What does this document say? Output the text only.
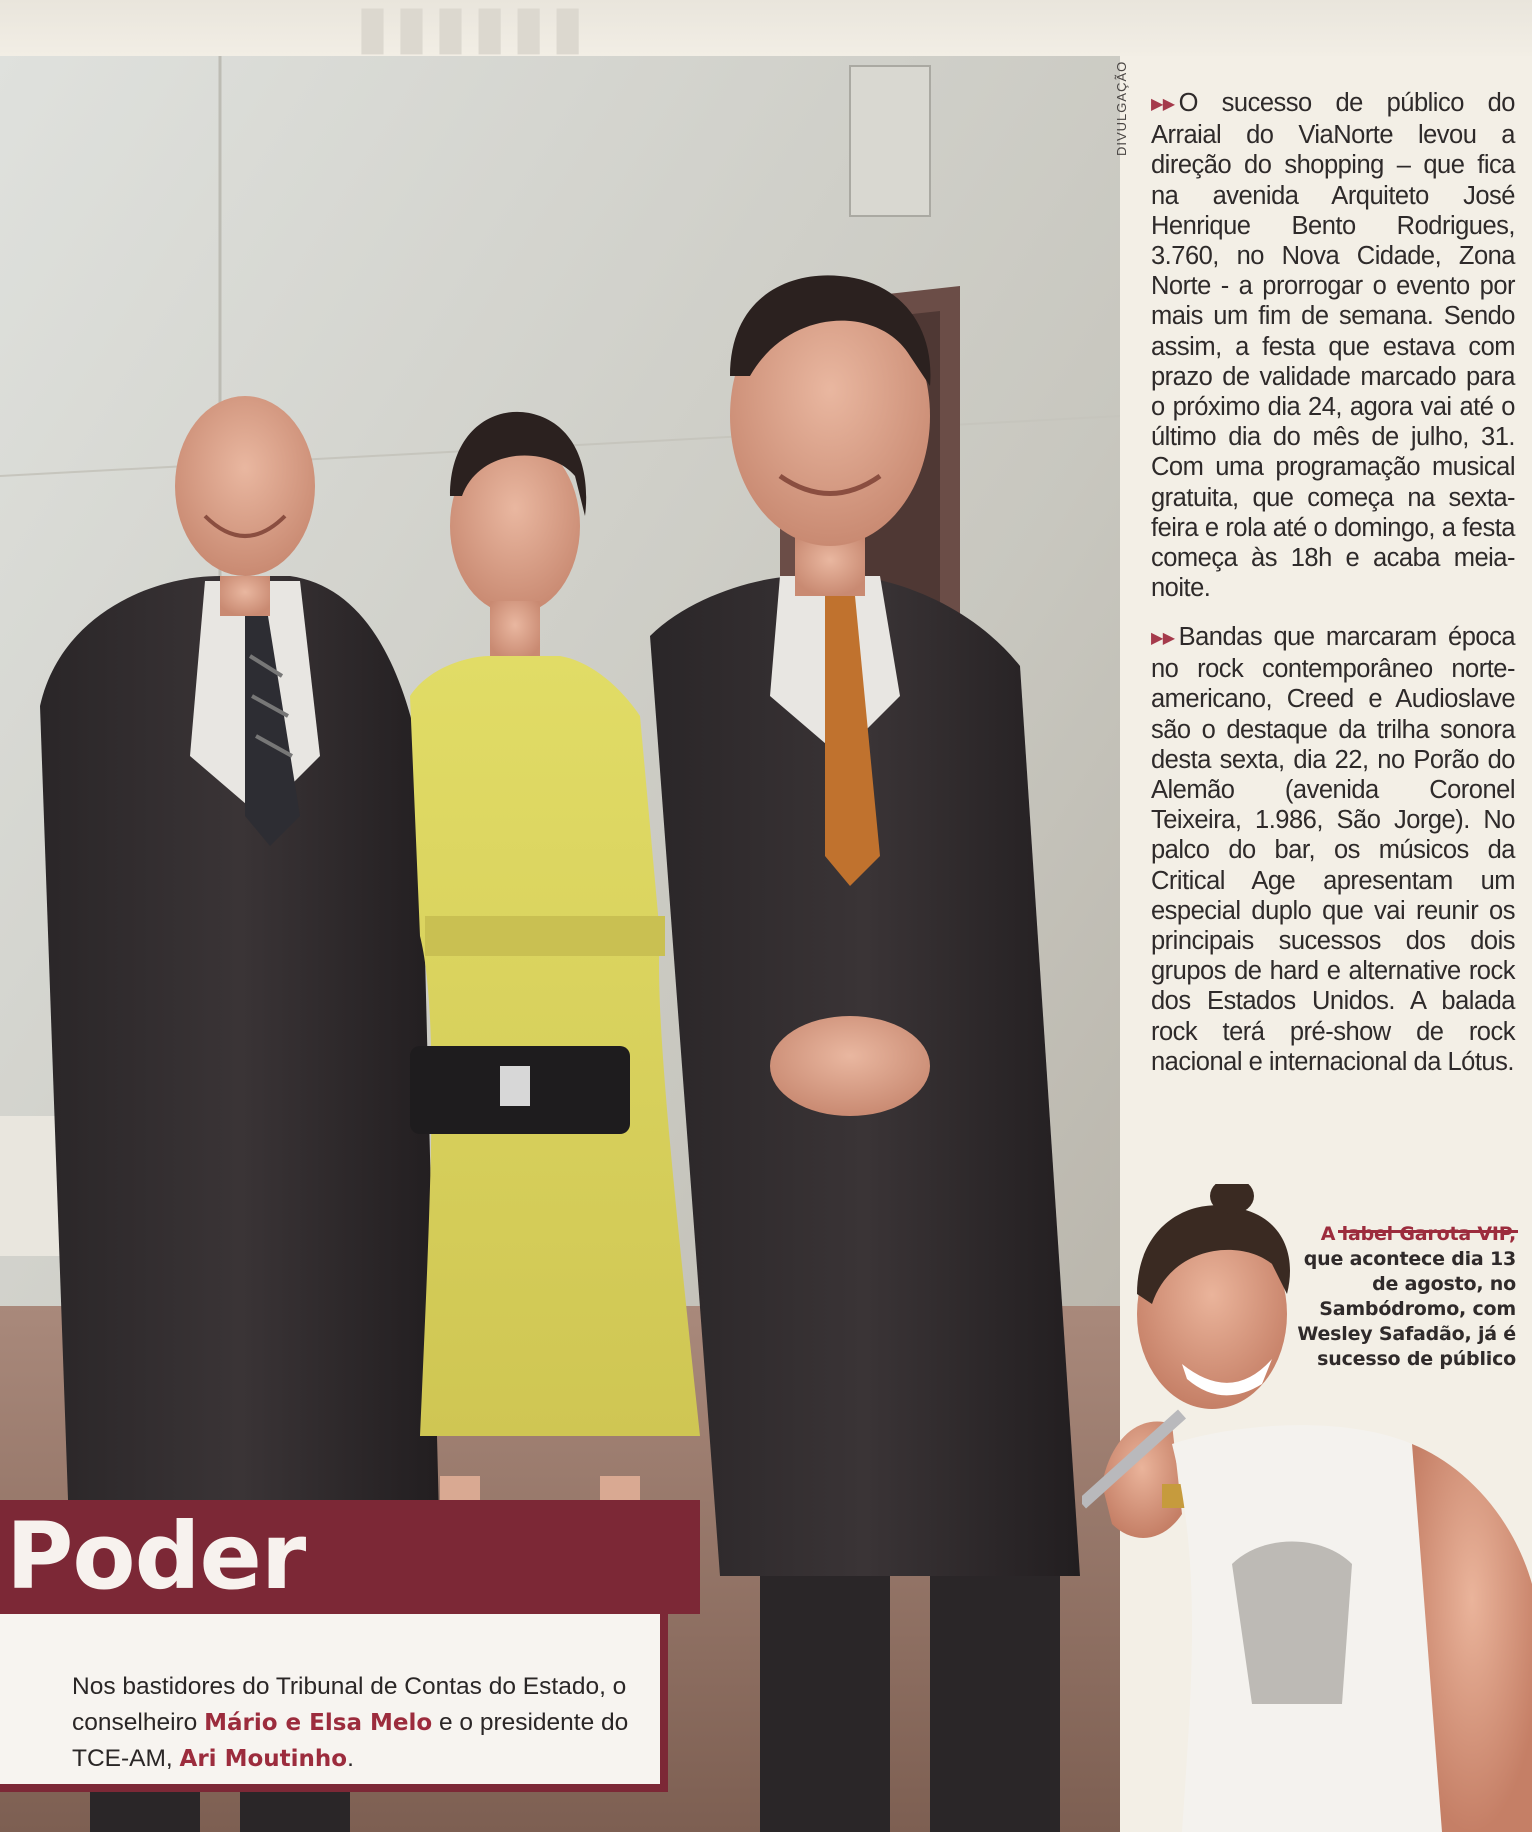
▮▮▮▮▮▮
DIVULGAÇÃO	▶▶ O sucesso de público do Arraial do ViaNorte levou a direção do shopping – que fica na avenida Arquiteto José Henrique Bento Rodrigues, 3.760, no Nova Cidade, Zona Norte - a prorrogar o evento por mais um fim de semana. Sendo assim, a festa que estava com prazo de validade marcado para o próximo dia 24, agora vai até o último dia do mês de julho, 31. Com uma programação musical gratuita, que começa na sexta-feira e rola até o domingo, a festa começa às 18h e acaba meia-noite.

▶▶ Bandas que marcaram época no rock contemporâneo norte-americano, Creed e Audioslave são o destaque da trilha sonora desta sexta, dia 22, no Porão do Alemão (avenida Coronel Teixeira, 1.986, São Jorge). No palco do bar, os músicos da Critical Age apresentam um especial duplo que vai reunir os principais sucessos dos dois grupos de hard e alternative rock dos Estados Unidos. A balada rock terá pré-show de rock nacional e internacional da Lótus.

A label Garota VIP, que acontece dia 13 de agosto, no Sambódromo, com Wesley Safadão, já é sucesso de público
Poder

Nos bastidores do Tribunal de Contas do Estado, o conselheiro Mário e Elsa Melo e o presidente do TCE-AM, Ari Moutinho.
